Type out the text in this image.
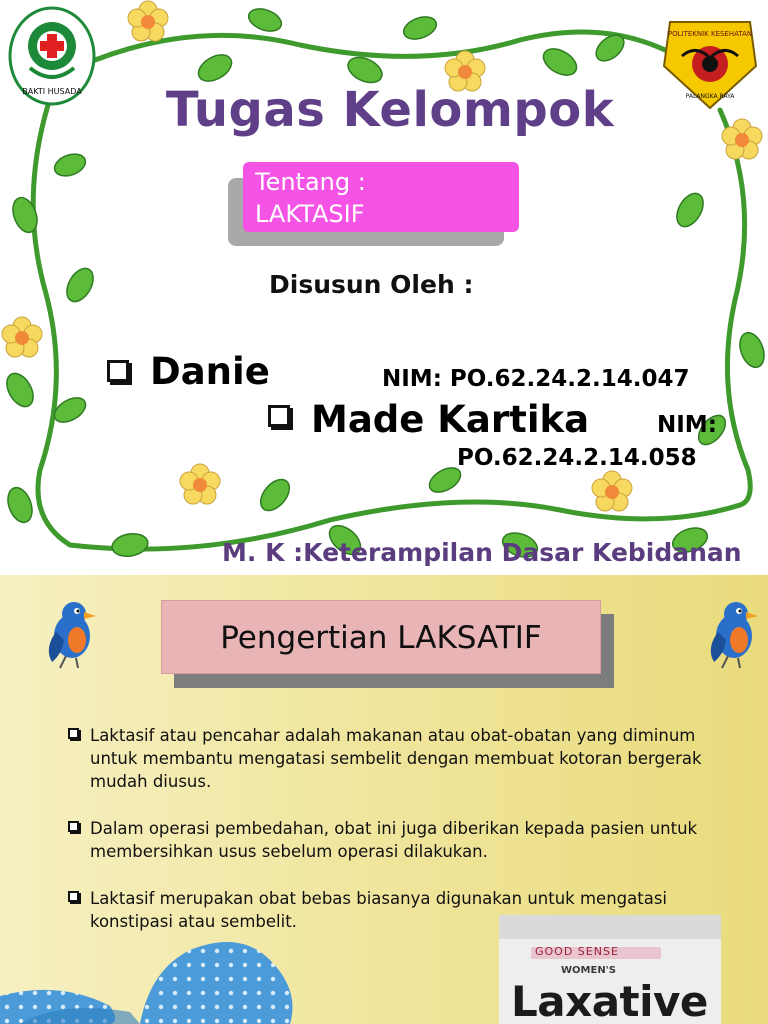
BAKTI HUSADA
POLITEKNIK KESEHATAN
PALANGKA RAYA
Tugas Kelompok
Tentang :
LAKTASIF
Disusun Oleh :
Danie	NIM: PO.62.24.2.14.047
Made Kartika	NIM:
PO.62.24.2.14.058
M. K :Keterampilan Dasar Kebidanan
Pengertian LAKSATIF
Laktasif atau pencahar adalah makanan atau obat-obatan yang diminum untuk membantu mengatasi sembelit dengan membuat kotoran bergerak mudah diusus.
Dalam operasi pembedahan, obat ini juga diberikan kepada pasien untuk membersihkan usus sebelum operasi dilakukan.
Laktasif merupakan obat bebas biasanya digunakan untuk mengatasi konstipasi atau sembelit.
GOOD SENSE
WOMEN'S
Laxative
